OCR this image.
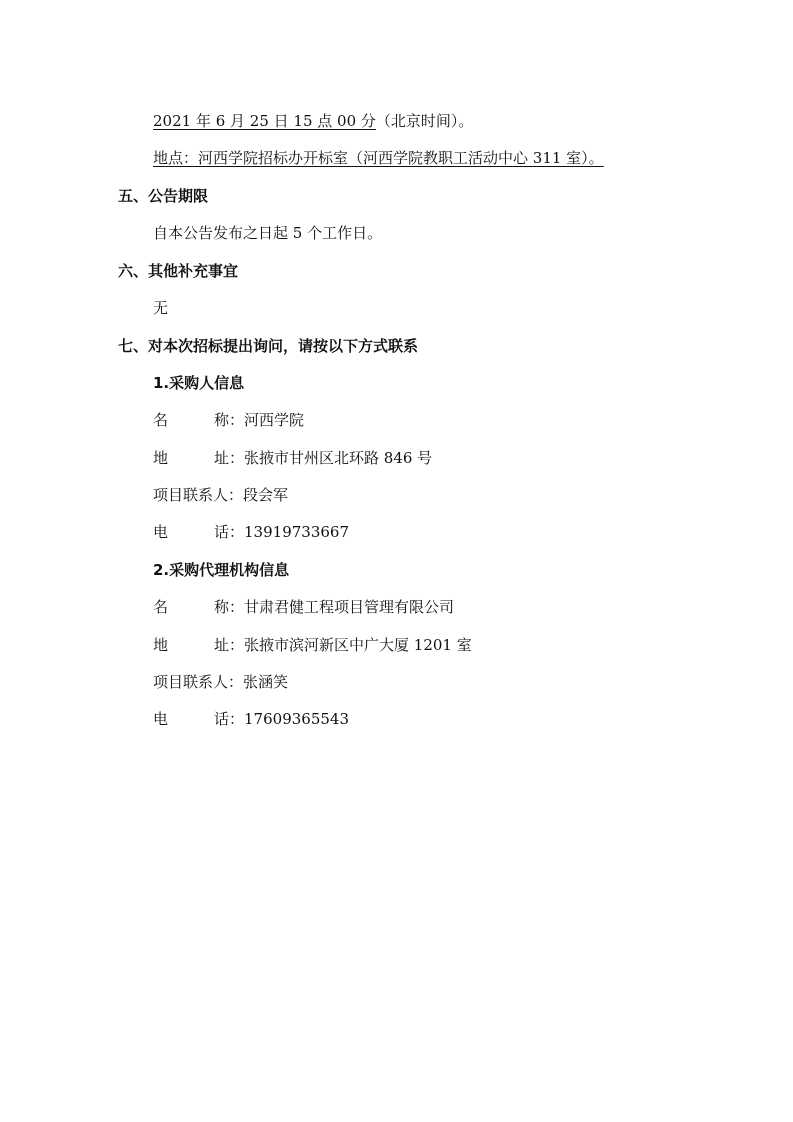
2021 年 6 月 25 日 15 点 00 分（北京时间）。
地点：河西学院招标办开标室（河西学院教职工活动中心 311 室）。
五、公告期限
自本公告发布之日起 5 个工作日。
六、其他补充事宜
无
七、对本次招标提出询问，请按以下方式联系
1.采购人信息
名	称：河西学院
地	址：张掖市甘州区北环路 846 号
项目联系人：段会军
电	话：13919733667
2.采购代理机构信息
名	称：甘肃君健工程项目管理有限公司
地	址：张掖市滨河新区中广大厦 1201 室
项目联系人：张涵笑
电	话：17609365543
